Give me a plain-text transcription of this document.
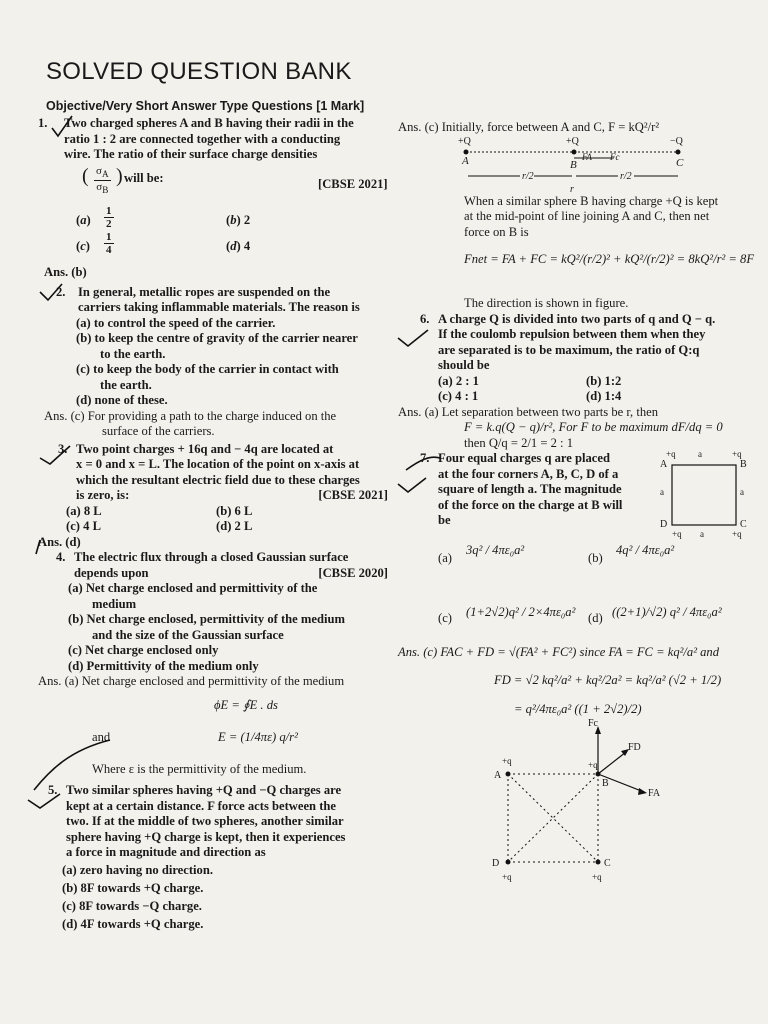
SOLVED QUESTION BANK
Objective/Very Short Answer Type Questions [1 Mark]
1. Two charged spheres A and B having their radii in the
ratio 1 : 2 are connected together with a conducting
wire. The ratio of their surface charge densities
( $\frac{\sigma_A}{\sigma_B}$ ) will be:	[CBSE 2021]
$(a) \frac{1}{2}$	(b) 2
$(c) \frac{1}{4}$	(d) 4
Ans. (b)
2. In general, metallic ropes are suspended on the
carriers taking inflammable materials. The reason is
(a) to control the speed of the carrier.
(b) to keep the centre of gravity of the carrier nearer
to the earth.
(c) to keep the body of the carrier in contact with
the earth.
(d) none of these.
Ans. (c) For providing a path to the charge induced on the
surface of the carriers.
3. Two point charges + 16q and − 4q are located at
x = 0 and x = L. The location of the point on x-axis at
which the resultant electric field due to these charges
is zero, is:	[CBSE 2021]
(a) 8 L	(b) 6 L
(c) 4 L	(d) 2 L
Ans. (d)
4. The electric flux through a closed Gaussian surface
depends upon	[CBSE 2020]
(a) Net charge enclosed and permittivity of the
medium
(b) Net charge enclosed, permittivity of the medium
and the size of the Gaussian surface
(c) Net charge enclosed only
(d) Permittivity of the medium only
Ans. (a) Net charge enclosed and permittivity of the medium
ϕE = ∮E . ds
and	E = (1/4πε) q/r²
Where ε is the permittivity of the medium.
5. Two similar spheres having +Q and −Q charges are
kept at a certain distance. F force acts between the
two. If at the middle of two spheres, another similar
sphere having +Q charge is kept, then it experiences
a force in magnitude and direction as
(a) zero having no direction.
(b) 8F towards +Q charge.
(c) 8F towards −Q charge.
(d) 4F towards +Q charge.
Ans. (c) Initially, force between A and C, F = kQ²/r²
+Q	+Q	−Q
A	B
FA Fc	C
r/2	r/2
r
When a similar sphere B having charge +Q is kept
at the mid-point of line joining A and C, then net
force on B is
Fnet = FA + FC = kQ²/(r/2)² + kQ²/(r/2)² = 8kQ²/r² = 8F
The direction is shown in figure.
6. A charge Q is divided into two parts of q and Q − q.
If the coulomb repulsion between them when they
are separated is to be maximum, the ratio of Q:q
should be
(a) 2 : 1	(b) 1:2
(c) 4 : 1	(d) 1:4
Ans. (a) Let separation between two parts be r, then
F = k.q(Q − q)/r², For F to be maximum dF/dq = 0
then Q/q = 2/1 = 2 : 1
7. Four equal charges q are placed
at the four corners A, B, C, D of a
square of length a. The magnitude
of the force on the charge at B will
be
+q a	+q
A	B
a	a
D	C
+q a	+q
(a)
3q² / 4πε₀a²
(b)
4q² / 4πε₀a²
(c) (1+2√2)q² / 2×4πε₀a² (d) ((2+1)/√2) q² / 4πε₀a²
Ans. (c) FAC + FD = √(FA² + FC²) since FA = FC = kq²/a² and
FD = √2 kq²/a² + kq²/2a² = kq²/a² (√2 + 1/2)
= q²/4πε₀a² ((1 + 2√2)/2)
Fc
FD
FA
+q
A
+q
B
D	C
+q	+q
